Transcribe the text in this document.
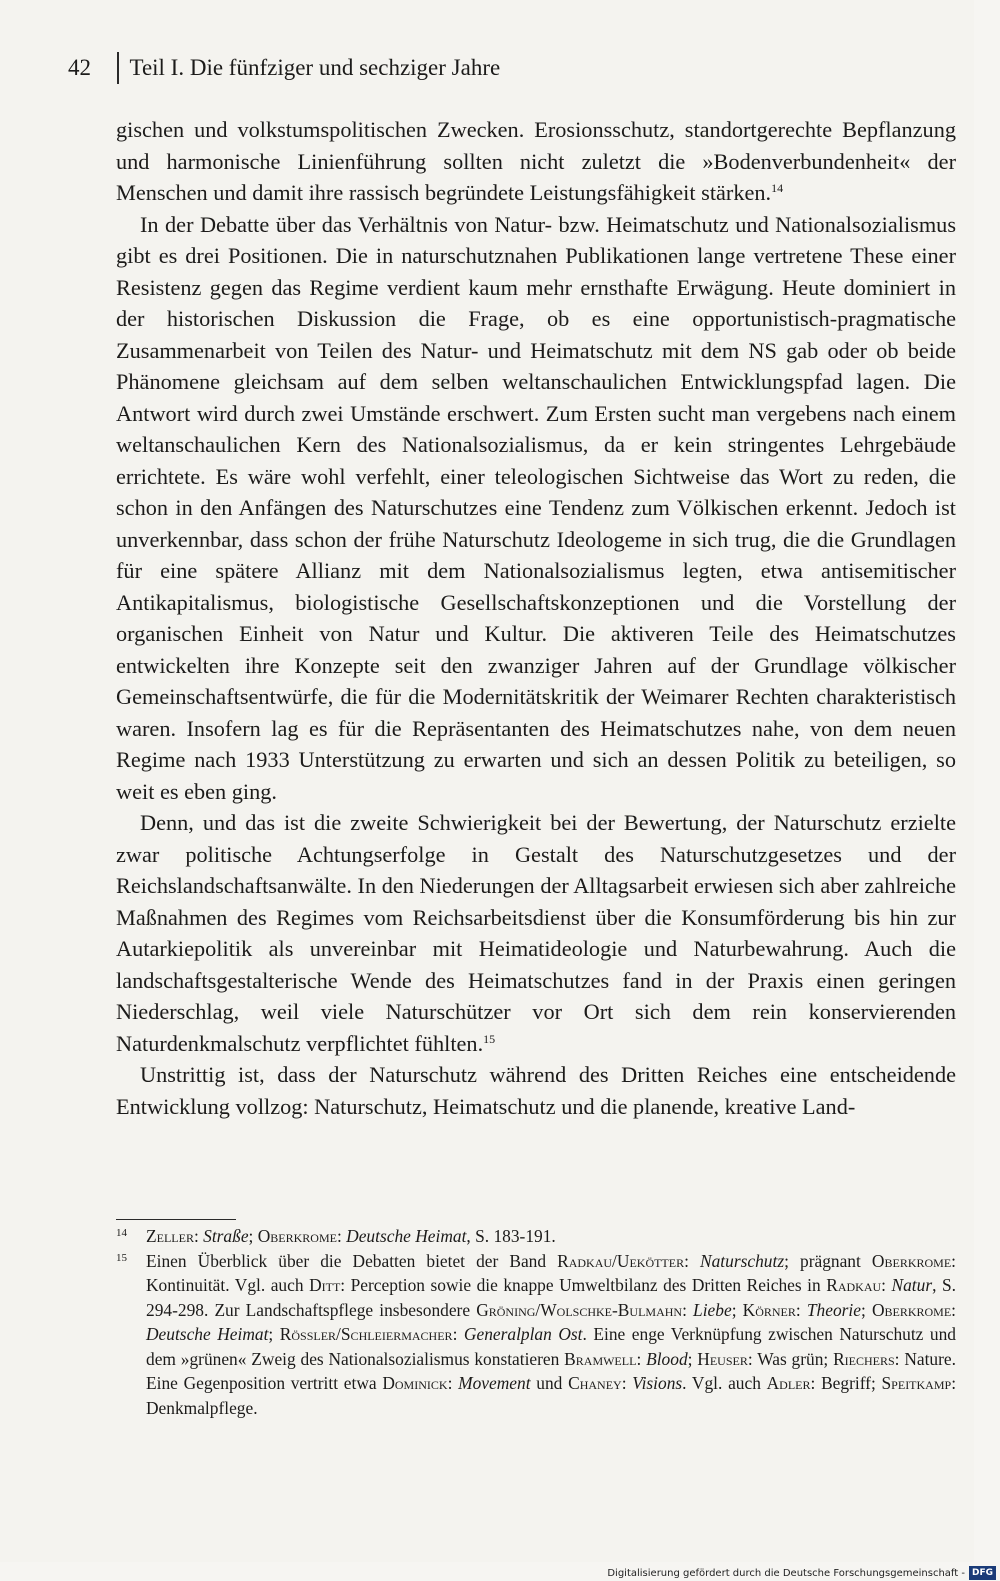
42	Teil I. Die fünfziger und sechziger Jahre

gischen und volkstumspolitischen Zwecken. Erosionsschutz, standortgerechte Bepflanzung und harmonische Linienführung sollten nicht zuletzt die »Bodenverbundenheit« der Menschen und damit ihre rassisch begründete Leistungsfähigkeit stärken.$^{14}$

In der Debatte über das Verhältnis von Natur- bzw. Heimatschutz und Nationalsozialismus gibt es drei Positionen. Die in naturschutznahen Publikationen lange vertretene These einer Resistenz gegen das Regime verdient kaum mehr ernsthafte Erwägung. Heute dominiert in der historischen Diskussion die Frage, ob es eine opportunistisch-pragmatische Zusammenarbeit von Teilen des Natur- und Heimatschutz mit dem NS gab oder ob beide Phänomene gleichsam auf dem selben weltanschaulichen Entwicklungspfad lagen. Die Antwort wird durch zwei Umstände erschwert. Zum Ersten sucht man vergebens nach einem weltanschaulichen Kern des Nationalsozialismus, da er kein stringentes Lehrgebäude errichtete. Es wäre wohl verfehlt, einer teleologischen Sichtweise das Wort zu reden, die schon in den Anfängen des Naturschutzes eine Tendenz zum Völkischen erkennt. Jedoch ist unverkennbar, dass schon der frühe Naturschutz Ideologeme in sich trug, die die Grundlagen für eine spätere Allianz mit dem Nationalsozialismus legten, etwa antisemitischer Antikapitalismus, biologistische Gesellschaftskonzeptionen und die Vorstellung der organischen Einheit von Natur und Kultur. Die aktiveren Teile des Heimatschutzes entwickelten ihre Konzepte seit den zwanziger Jahren auf der Grundlage völkischer Gemeinschaftsentwürfe, die für die Modernitätskritik der Weimarer Rechten charakteristisch waren. Insofern lag es für die Repräsentanten des Heimatschutzes nahe, von dem neuen Regime nach 1933 Unterstützung zu erwarten und sich an dessen Politik zu beteiligen, so weit es eben ging.

Denn, und das ist die zweite Schwierigkeit bei der Bewertung, der Naturschutz erzielte zwar politische Achtungserfolge in Gestalt des Naturschutzgesetzes und der Reichslandschaftsanwälte. In den Niederungen der Alltagsarbeit erwiesen sich aber zahlreiche Maßnahmen des Regimes vom Reichsarbeitsdienst über die Konsumförderung bis hin zur Autarkiepolitik als unvereinbar mit Heimatideologie und Naturbewahrung. Auch die landschaftsgestalterische Wende des Heimatschutzes fand in der Praxis einen geringen Niederschlag, weil viele Naturschützer vor Ort sich dem rein konservierenden Naturdenkmalschutz verpflichtet fühlten.$^{15}$

Unstrittig ist, dass der Naturschutz während des Dritten Reiches eine entscheidende Entwicklung vollzog: Naturschutz, Heimatschutz und die planende, kreative Land-

14 Zeller: Straße; Oberkrome: Deutsche Heimat, S. 183-191.
15 Einen Überblick über die Debatten bietet der Band Radkau/Uekötter: Naturschutz; prägnant Oberkrome: Kontinuität. Vgl. auch Ditt: Perception sowie die knappe Umweltbilanz des Dritten Reiches in Radkau: Natur, S. 294-298. Zur Landschaftspflege insbesondere Gröning/Wolschke-Bulmahn: Liebe; Körner: Theorie; Oberkrome: Deutsche Heimat; Rössler/Schleiermacher: Generalplan Ost. Eine enge Verknüpfung zwischen Naturschutz und dem »grünen« Zweig des Nationalsozialismus konstatieren Bramwell: Blood; Heuser: Was grün; Riechers: Nature. Eine Gegenposition vertritt etwa Dominick: Movement und Chaney: Visions. Vgl. auch Adler: Begriff; Speitkamp: Denkmalpflege.
Digitalisierung gefördert durch die Deutsche Forschungsgemeinschaft - DFG
